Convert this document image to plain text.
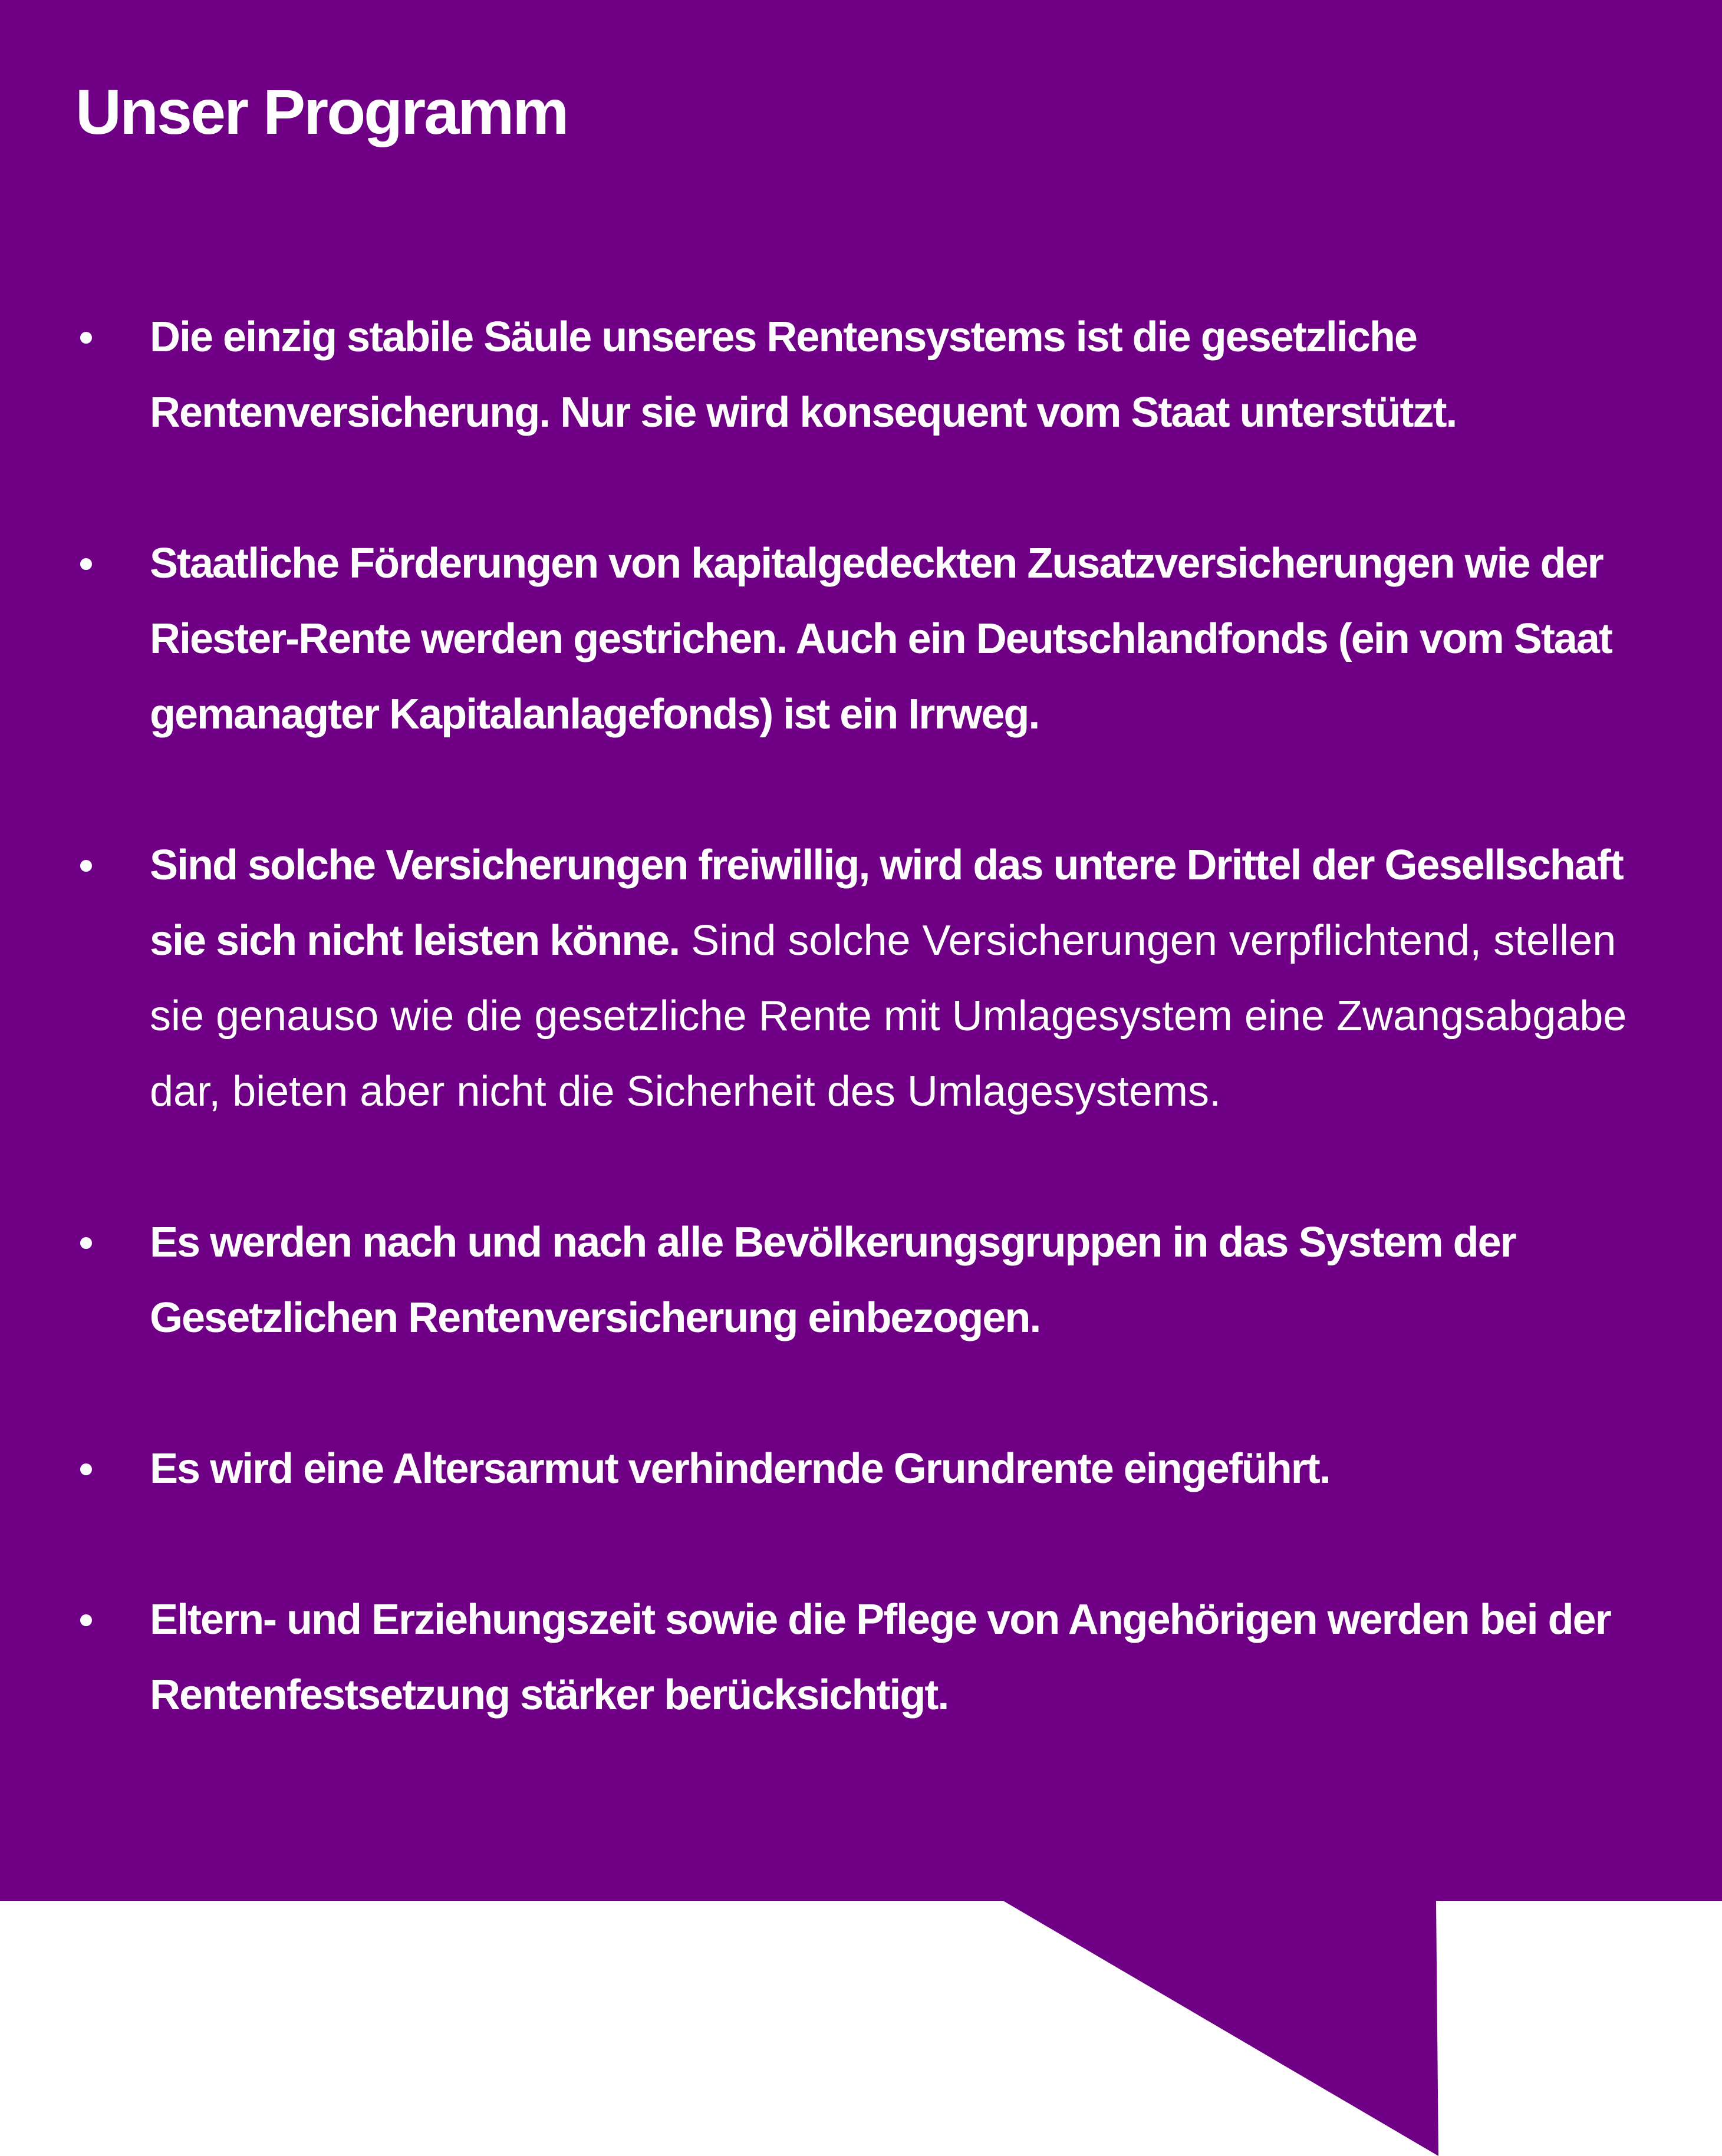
Unser Programm
Die einzig stabile Säule unseres Rentensystems ist die gesetzliche Rentenversicherung. Nur sie wird konsequent vom Staat unterstützt.
Staatliche Förderungen von kapitalgedeckten Zusatzversicherungen wie der Riester-Rente werden gestrichen. Auch ein Deutschlandfonds (ein vom Staat gemanagter Kapitalanlagefonds) ist ein Irrweg.
Sind solche Versicherungen freiwillig, wird das untere Drittel der Gesellschaft sie sich nicht leisten könne. Sind solche Versicherungen verpflichtend, stellen sie genauso wie die gesetzliche Rente mit Umlagesystem eine Zwangsabgabe dar, bieten aber nicht die Sicherheit des Umlagesystems.
Es werden nach und nach alle Bevölkerungsgruppen in das System der Gesetzlichen Rentenversicherung einbezogen.
Es wird eine Altersarmut verhindernde Grundrente eingeführt.
Eltern- und Erziehungszeit sowie die Pflege von Angehörigen werden bei der Rentenfestsetzung stärker berücksichtigt.
